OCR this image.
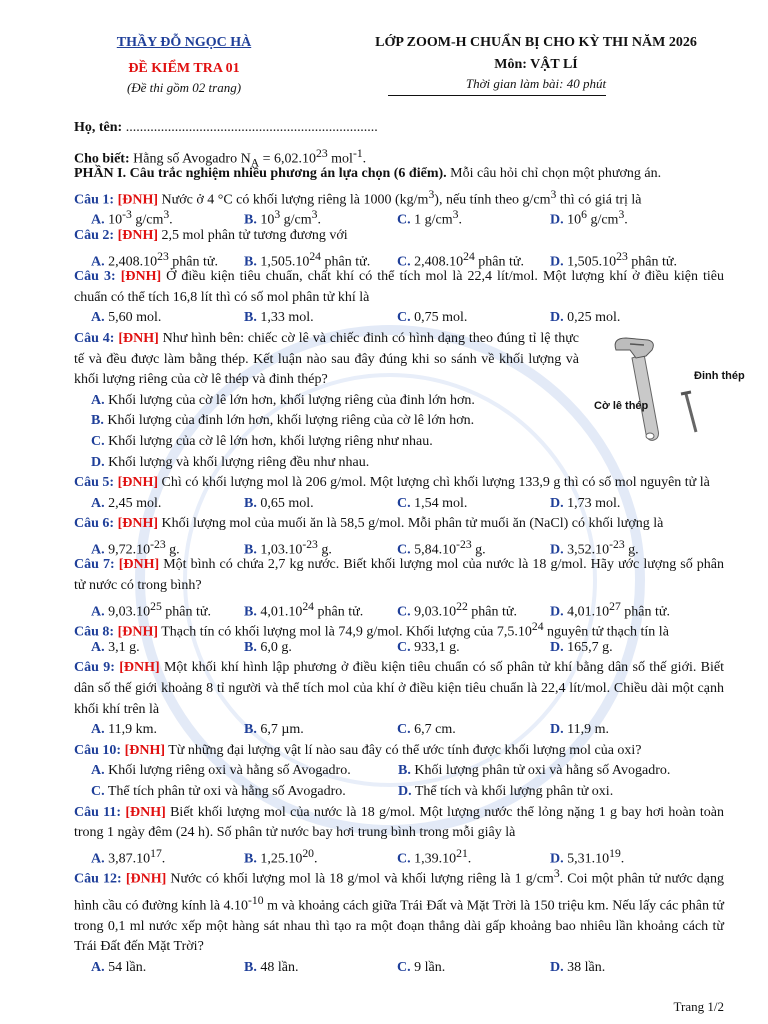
THẦY ĐỖ NGỌC HÀ
ĐỀ KIỂM TRA 01
(Đề thi gồm 02 trang)
LỚP ZOOM-H CHUẨN BỊ CHO KỲ THI NĂM 2026
Môn: VẬT LÍ
Thời gian làm bài: 40 phút
Họ, tên: ........................................................................
Cho biết: Hằng số Avogadro $N_A = 6,02.10^{23}$ mol$^{-1}$.
PHẦN I. Câu trắc nghiệm nhiều phương án lựa chọn (6 điểm). Mỗi câu hỏi chỉ chọn một phương án.
Câu 1: [ĐNH] Nước ở 4 °C có khối lượng riêng là 1000 $(kg/m^3)$, nếu tính theo $g/cm^3$ thì có giá trị là
A. $10^{-3}$ $g/cm^3$.	B. $10^3$ $g/cm^3$.	C. 1 $g/cm^3$.	D. $10^6$ $g/cm^3$.
Câu 2: [ĐNH] 2,5 mol phân tử tương đương với
A. 2,408.10$^{23}$ phân tử.	B. 1,505.10$^{24}$ phân tử.	C. 2,408.10$^{24}$ phân tử.	D. 1,505.10$^{23}$ phân tử.
Câu 3: [ĐNH] Ở điều kiện tiêu chuẩn, chất khí có thể tích mol là 22,4 lít/mol. Một lượng khí ở điều kiện tiêu chuẩn có thể tích 16,8 lít thì có số mol phân tử khí là
A. 5,60 mol.	B. 1,33 mol.	C. 0,75 mol.	D. 0,25 mol.
Câu 4: [ĐNH] Như hình bên: chiếc cờ lê và chiếc đinh có hình dạng theo đúng tỉ lệ thực tế và đều được làm bằng thép. Kết luận nào sau đây đúng khi so sánh về khối lượng và khối lượng riêng của cờ lê thép và đinh thép?
A. Khối lượng của cờ lê lớn hơn, khối lượng riêng của đinh lớn hơn.
B. Khối lượng của đinh lớn hơn, khối lượng riêng của cờ lê lớn hơn.
C. Khối lượng của cờ lê lớn hơn, khối lượng riêng như nhau.
D. Khối lượng và khối lượng riêng đều như nhau.
Câu 5: [ĐNH] Chì có khối lượng mol là 206 g/mol. Một lượng chì khối lượng 133,9 g thì có số mol nguyên tử là
A. 2,45 mol.	B. 0,65 mol.	C. 1,54 mol.	D. 1,73 mol.
Câu 6: [ĐNH] Khối lượng mol của muối ăn là 58,5 g/mol. Mỗi phân tử muối ăn (NaCl) có khối lượng là
A. $9,72.10^{-23}$ g.	B. $1,03.10^{-23}$ g.	C. $5,84.10^{-23}$ g.	D. $3,52.10^{-23}$ g.
Câu 7: [ĐNH] Một bình có chứa 2,7 kg nước. Biết khối lượng mol của nước là 18 g/mol. Hãy ước lượng số phân tử nước có trong bình?
A. 9,03.10$^{25}$ phân tử.	B. 4,01.10$^{24}$ phân tử.	C. 9,03.10$^{22}$ phân tử.	D. 4,01.10$^{27}$ phân tử.
Câu 8: [ĐNH] Thạch tín có khối lượng mol là 74,9 g/mol. Khối lượng của 7,5.10$^{24}$ nguyên tử thạch tín là
A. 3,1 g.	B. 6,0 g.	C. 933,1 g.	D. 165,7 g.
Câu 9: [ĐNH] Một khối khí hình lập phương ở điều kiện tiêu chuẩn có số phân tử khí bằng dân số thế giới. Biết dân số thế giới khoảng 8 tỉ người và thể tích mol của khí ở điều kiện tiêu chuẩn là 22,4 lít/mol. Chiều dài một cạnh khối khí trên là
A. 11,9 km.	B. 6,7 µm.	C. 6,7 cm.	D. 11,9 m.
Câu 10: [ĐNH] Từ những đại lượng vật lí nào sau đây có thể ước tính được khối lượng mol của oxi?
A. Khối lượng riêng oxi và hằng số Avogadro.	B. Khối lượng phân tử oxi và hằng số Avogadro.
C. Thể tích phân tử oxi và hằng số Avogadro.	D. Thể tích và khối lượng phân tử oxi.
Câu 11: [ĐNH] Biết khối lượng mol của nước là 18 g/mol. Một lượng nước thể lỏng nặng 1 g bay hơi hoàn toàn trong 1 ngày đêm (24 h). Số phân tử nước bay hơi trung bình trong mỗi giây là
A. 3,87.10$^{17}$.	B. 1,25.10$^{20}$.	C. 1,39.10$^{21}$.	D. 5,31.10$^{19}$.
Câu 12: [ĐNH] Nước có khối lượng mol là 18 g/mol và khối lượng riêng là 1 $g/cm^3$. Coi một phân tử nước dạng hình cầu có đường kính là $4.10^{-10}$ m và khoảng cách giữa Trái Đất và Mặt Trời là 150 triệu km. Nếu lấy các phân tử trong 0,1 ml nước xếp một hàng sát nhau thì tạo ra một đoạn thẳng dài gấp khoảng bao nhiêu lần khoảng cách từ Trái Đất đến Mặt Trời?
A. 54 lần.	B. 48 lần.	C. 9 lần.	D. 38 lần.
Đinh thép
Cờ lê thép
Trang 1/2
